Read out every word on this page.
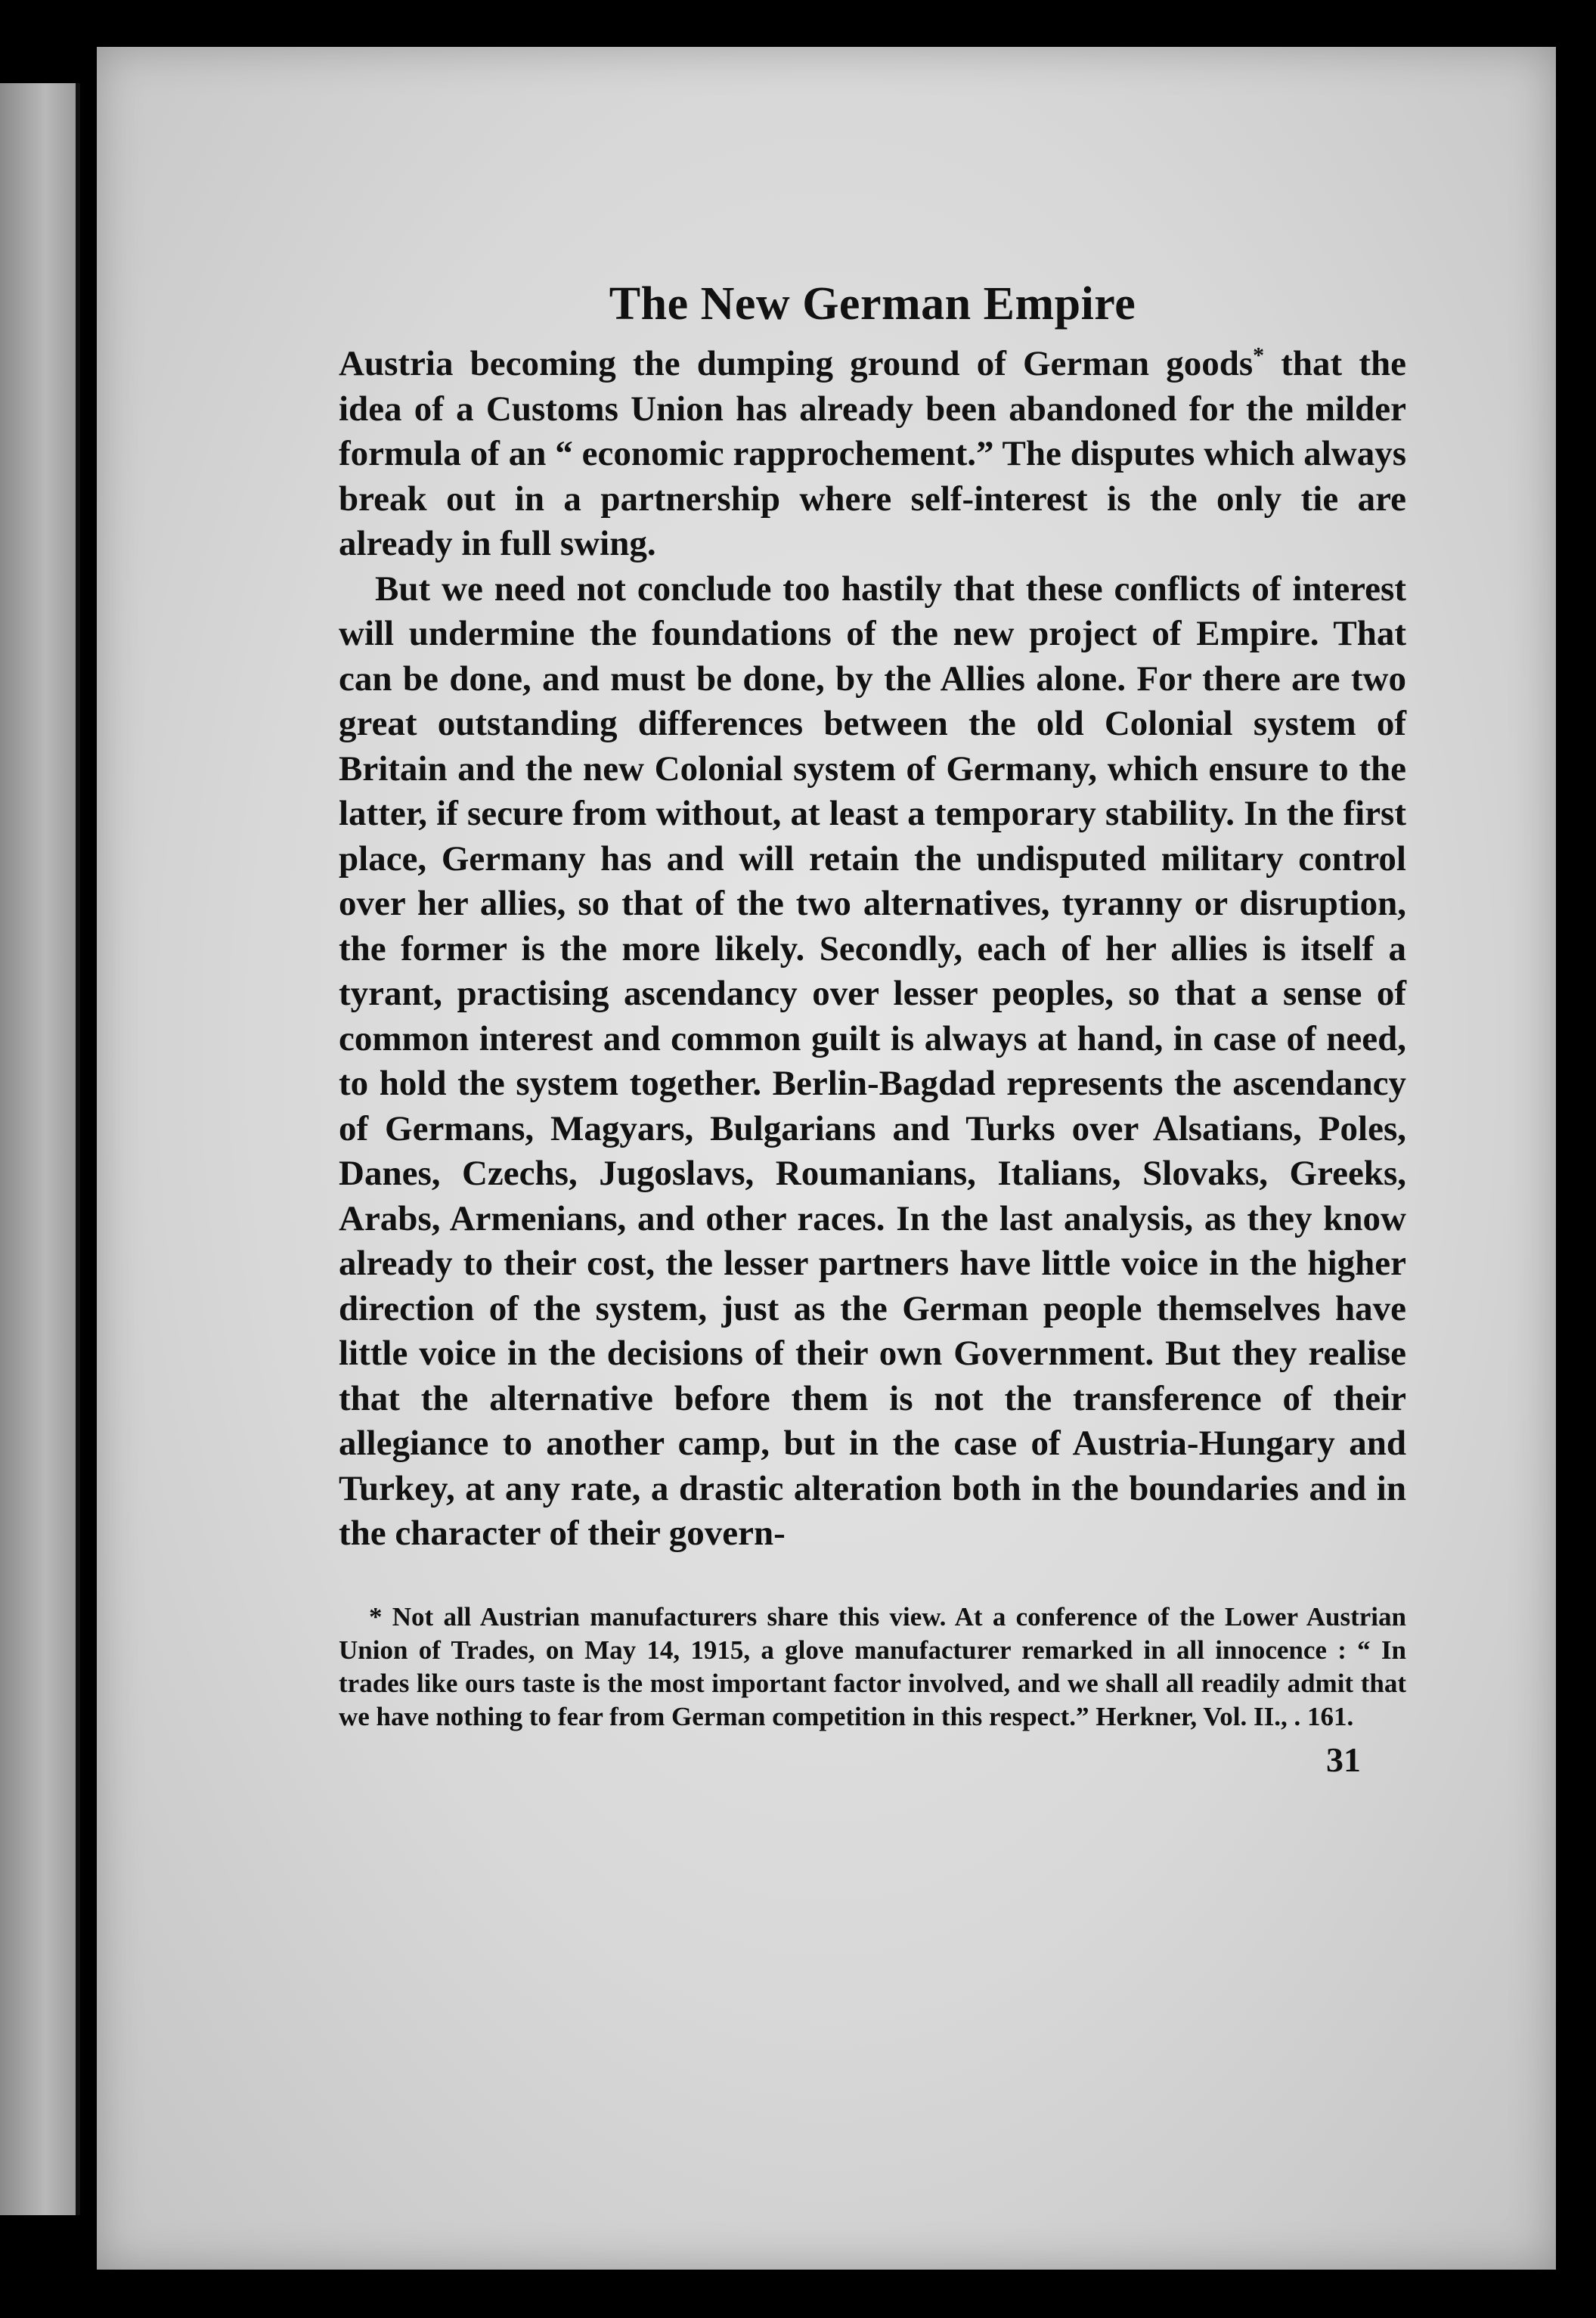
The New German Empire

Austria becoming the dumping ground of German goods* that the idea of a Customs Union has already been abandoned for the milder formula of an “ economic rapprochement.” The disputes which always break out in a partnership where self-interest is the only tie are already in full swing.

But we need not conclude too hastily that these conflicts of interest will undermine the foundations of the new project of Empire. That can be done, and must be done, by the Allies alone. For there are two great outstanding differences between the old Colonial system of Britain and the new Colonial system of Germany, which ensure to the latter, if secure from without, at least a temporary stability. In the first place, Germany has and will retain the undisputed military control over her allies, so that of the two alternatives, tyranny or disruption, the former is the more likely. Secondly, each of her allies is itself a tyrant, practising ascendancy over lesser peoples, so that a sense of common interest and common guilt is always at hand, in case of need, to hold the system together. Berlin-Bagdad represents the ascendancy of Germans, Magyars, Bulgarians and Turks over Alsatians, Poles, Danes, Czechs, Jugoslavs, Roumanians, Italians, Slovaks, Greeks, Arabs, Armenians, and other races. In the last analysis, as they know already to their cost, the lesser partners have little voice in the higher direction of the system, just as the German people themselves have little voice in the decisions of their own Government. But they realise that the alternative before them is not the transference of their allegiance to another camp, but in the case of Austria-Hungary and Turkey, at any rate, a drastic alteration both in the boundaries and in the character of their govern-

* Not all Austrian manufacturers share this view. At a conference of the Lower Austrian Union of Trades, on May 14, 1915, a glove manufacturer remarked in all innocence : “ In trades like ours taste is the most important factor involved, and we shall all readily admit that we have nothing to fear from German competition in this respect.” Herkner, Vol. II., . 161.
31
